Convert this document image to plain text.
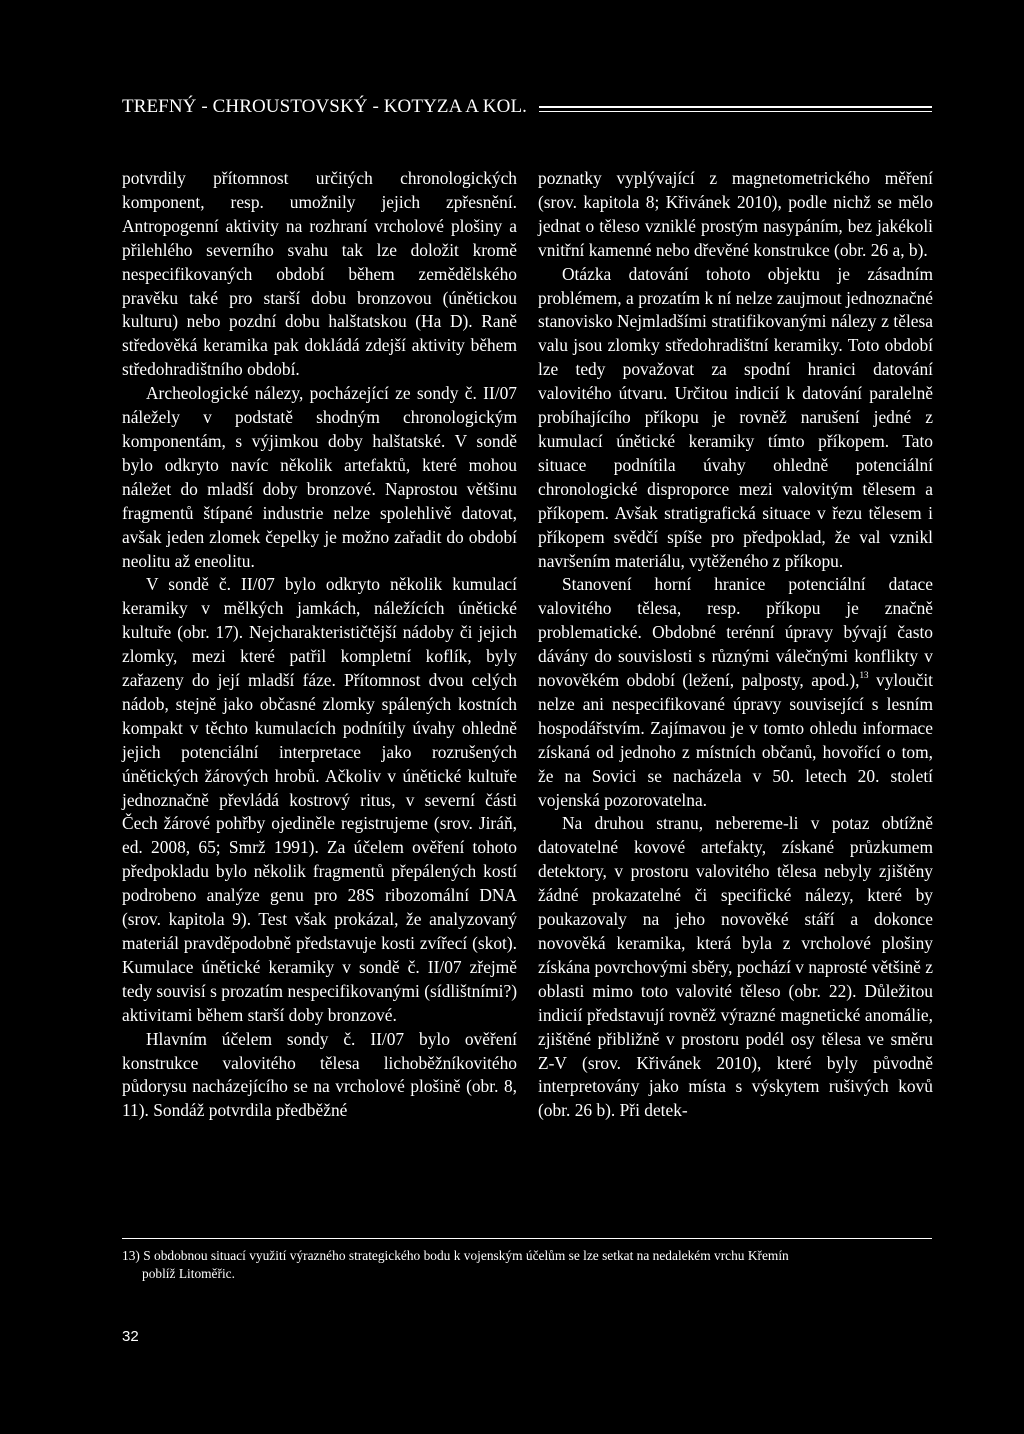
TREFNÝ - CHROUSTOVSKÝ - KOTYZA A KOL.

potvrdily přítomnost určitých chronologických komponent, resp. umožnily jejich zpřesnění. Antropogenní aktivity na rozhraní vrcholové plošiny a přilehlého severního svahu tak lze doložit kromě nespecifikovaných období během zemědělského pravěku také pro starší dobu bronzovou (únětickou kulturu) nebo pozdní dobu halštatskou (Ha D). Raně středověká keramika pak dokládá zdejší aktivity během středohradištního období.

Archeologické nálezy, pocházející ze sondy č. II/07 náležely v podstatě shodným chronologickým komponentám, s výjimkou doby halštatské. V sondě bylo odkryto navíc několik artefaktů, které mohou náležet do mladší doby bronzové. Naprostou většinu fragmentů štípané industrie nelze spolehlivě datovat, avšak jeden zlomek čepelky je možno zařadit do období neolitu až eneolitu.

V sondě č. II/07 bylo odkryto několik kumulací keramiky v mělkých jamkách, náležících únětické kultuře (obr. 17). Nejcharakterističtější nádoby či jejich zlomky, mezi které patřil kompletní koflík, byly zařazeny do její mladší fáze. Přítomnost dvou celých nádob, stejně jako občasné zlomky spálených kostních kompakt v těchto kumulacích podnítily úvahy ohledně jejich potenciální interpretace jako rozrušených únětických žárových hrobů. Ačkoliv v únětické kultuře jednoznačně převládá kostrový ritus, v severní části Čech žárové pohřby ojediněle registrujeme (srov. Jiráň, ed. 2008, 65; Smrž 1991). Za účelem ověření tohoto předpokladu bylo několik fragmentů přepálených kostí podrobeno analýze genu pro 28S ribozomální DNA (srov. kapitola 9). Test však prokázal, že analyzovaný materiál pravděpodobně představuje kosti zvířecí (skot). Kumulace únětické keramiky v sondě č. II/07 zřejmě tedy souvisí s prozatím nespecifikovanými (sídlištními?) aktivitami během starší doby bronzové.

Hlavním účelem sondy č. II/07 bylo ověření konstrukce valovitého tělesa lichoběžníkovitého půdorysu nacházejícího se na vrcholové plošině (obr. 8, 11). Sondáž potvrdila předběžné

poznatky vyplývající z magnetometrického měření (srov. kapitola 8; Křivánek 2010), podle nichž se mělo jednat o těleso vzniklé prostým nasypáním, bez jakékoli vnitřní kamenné nebo dřevěné konstrukce (obr. 26 a, b).

Otázka datování tohoto objektu je zásadním problémem, a prozatím k ní nelze zaujmout jednoznačné stanovisko Nejmladšími stratifikovanými nálezy z tělesa valu jsou zlomky středohradištní keramiky. Toto období lze tedy považovat za spodní hranici datování valovitého útvaru. Určitou indicií k datování paralelně probíhajícího příkopu je rovněž narušení jedné z kumulací únětické keramiky tímto příkopem. Tato situace podnítila úvahy ohledně potenciální chronologické disproporce mezi valovitým tělesem a příkopem. Avšak stratigrafická situace v řezu tělesem i příkopem svědčí spíše pro předpoklad, že val vznikl navršením materiálu, vytěženého z příkopu.

Stanovení horní hranice potenciální datace valovitého tělesa, resp. příkopu je značně problematické. Obdobné terénní úpravy bývají často dávány do souvislosti s různými válečnými konflikty v novověkém období (ležení, palposty, apod.),$^{13}$ vyloučit nelze ani nespecifikované úpravy související s lesním hospodářstvím. Zajímavou je v tomto ohledu informace získaná od jednoho z místních občanů, hovořící o tom, že na Sovici se nacházela v 50. letech 20. století vojenská pozorovatelna.

Na druhou stranu, nebereme-li v potaz obtížně datovatelné kovové artefakty, získané průzkumem detektory, v prostoru valovitého tělesa nebyly zjištěny žádné prokazatelné či specifické nálezy, které by poukazovaly na jeho novověké stáří a dokonce novověká keramika, která byla z vrcholové plošiny získána povrchovými sběry, pochází v naprosté většině z oblasti mimo toto valovité těleso (obr. 22). Důležitou indicií představují rovněž výrazné magnetické anomálie, zjištěné přibližně v prostoru podél osy tělesa ve směru Z-V (srov. Křivánek 2010), které byly původně interpretovány jako místa s výskytem rušivých kovů (obr. 26 b). Při detek-

13) S obdobnou situací využití výrazného strategického bodu k vojenským účelům se lze setkat na nedalekém vrchu Křemín
poblíž Litoměřic.
32
